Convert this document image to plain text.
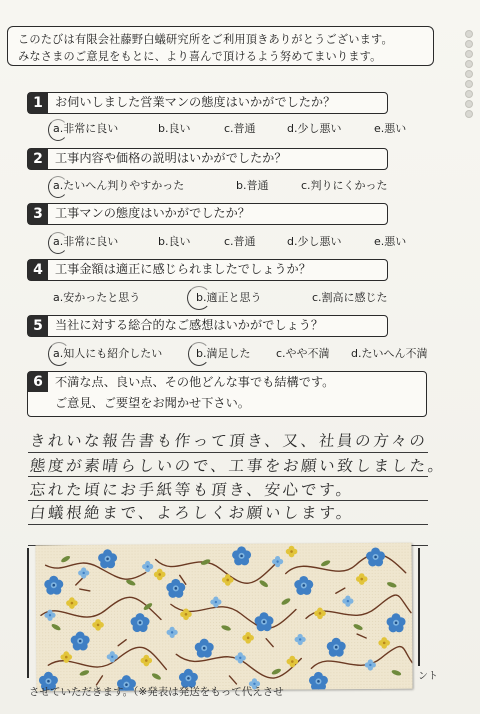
このたびは有限会社藤野白蟻研究所をご利用頂きありがとうございます。
みなさまのご意見をもとに、より喜んで頂けるよう努めてまいります。
1 お伺いしました営業マンの態度はいかがでしたか？
a.非常に良い	b.良い	c.普通	d.少し悪い	e.悪い
2 工事内容や価格の説明はいかがでしたか？
a.たいへん判りやすかった	b.普通	c.判りにくかった
3 工事マンの態度はいかがでしたか？
a.非常に良い	b.良い	c.普通	d.少し悪い	e.悪い
4 工事金額は適正に感じられましたでしょうか？
a.安かったと思う	b.適正と思う	c.割高に感じた
5 当社に対する総合的なご感想はいかがでしょう？
a.知人にも紹介したい	b.満足した c.やや不満 d.たいへん不満
6 不満な点、良い点、その他どんな事でも結構です。
ご意見、ご要望をお聞かせ下さい。
きれいな報告書も作って頂き、又、社員の方々の
態度が素晴らしいので、工事をお願い致しました。
忘れた頃にお手紙等も頂き、安心です。
白蟻根絶まで、よろしくお願いします。
ント
させていただきます。（※発表は発送をもって代えさせ
